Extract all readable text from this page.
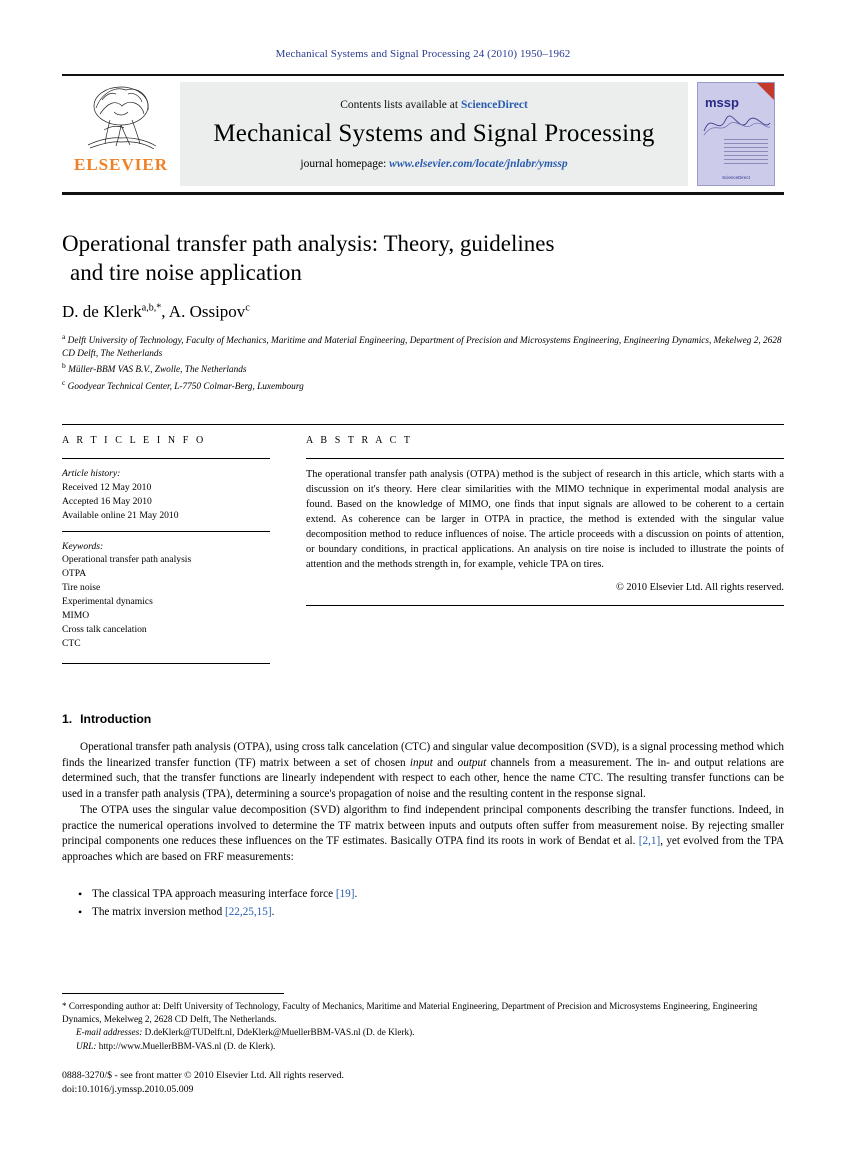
Mechanical Systems and Signal Processing 24 (2010) 1950–1962
ELSEVIER
Contents lists available at ScienceDirect
Mechanical Systems and Signal Processing
journal homepage: www.elsevier.com/locate/jnlabr/ymssp
mssp
ScienceDirect
Operational transfer path analysis: Theory, guidelines
and tire noise application
D. de Klerk$^{a,b,*}$, A. Ossipov$^c$
$^a$ Delft University of Technology, Faculty of Mechanics, Maritime and Material Engineering, Department of Precision and Microsystems Engineering, Engineering Dynamics, Mekelweg 2, 2628 CD Delft, The Netherlands
$^b$ Müller-BBM VAS B.V., Zwolle, The Netherlands
$^c$ Goodyear Technical Center, L-7750 Colmar-Berg, Luxembourg
A R T I C L E I N F O
Article history:
Received 12 May 2010
Accepted 16 May 2010
Available online 21 May 2010
Keywords:
Operational transfer path analysis
OTPA
Tire noise
Experimental dynamics
MIMO
Cross talk cancelation
CTC
A B S T R A C T
The operational transfer path analysis (OTPA) method is the subject of research in this article, which starts with a discussion on it's theory. Here clear similarities with the MIMO technique in experimental modal analysis are found. Based on the knowledge of MIMO, one finds that input signals are allowed to be coherent to a certain extend. As coherence can be larger in OTPA in practice, the method is extended with the singular value decomposition method to reduce influences of noise. The article proceeds with a discussion on points of attention, or boundary conditions, in practical applications. An analysis on tire noise is included to illustrate the points of attention and the methods strength in, for example, vehicle TPA on tires.
© 2010 Elsevier Ltd. All rights reserved.
1. Introduction

Operational transfer path analysis (OTPA), using cross talk cancelation (CTC) and singular value decomposition (SVD), is a signal processing method which finds the linearized transfer function (TF) matrix between a set of chosen input and output channels from a measurement. The in- and output relations are determined such, that the transfer functions are linearly independent with respect to each other, hence the name CTC. The resulting transfer functions can be used in a transfer path analysis (TPA), determining a source's propagation of noise and the resulting content in the response signal.

The OTPA uses the singular value decomposition (SVD) algorithm to find independent principal components describing the transfer functions. Indeed, in practice the numerical operations involved to determine the TF matrix between inputs and outputs often suffer from measurement noise. By rejecting smaller principal components one reduces these influences on the TF estimates. Basically OTPA find its roots in work of Bendat et al. [2,1], yet evolved from the TPA approaches which are based on FRF measurements:

• The classical TPA approach measuring interface force [19].
• The matrix inversion method [22,25,15].
* Corresponding author at: Delft University of Technology, Faculty of Mechanics, Maritime and Material Engineering, Department of Precision and Microsystems Engineering, Engineering Dynamics, Mekelweg 2, 2628 CD Delft, The Netherlands.
E-mail addresses: D.deKlerk@TUDelft.nl, DdeKlerk@MuellerBBM-VAS.nl (D. de Klerk).
URL: http://www.MuellerBBM-VAS.nl (D. de Klerk).
0888-3270/$ - see front matter © 2010 Elsevier Ltd. All rights reserved.
doi:10.1016/j.ymssp.2010.05.009
